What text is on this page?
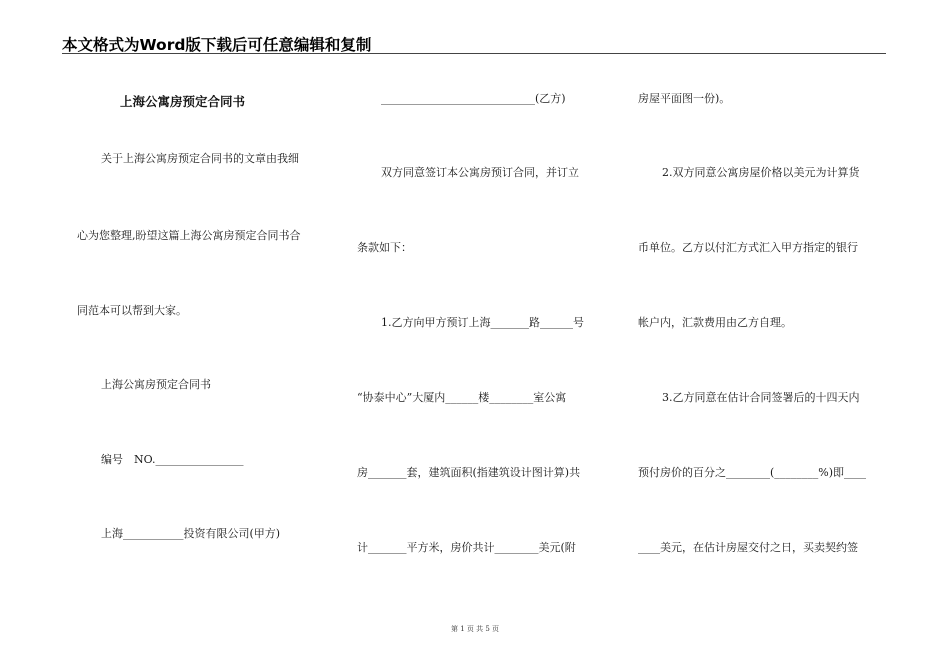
本文格式为Word版下载后可任意编辑和复制
上海公寓房预定合同书
关于上海公寓房预定合同书的文章由我细
心为您整理,盼望这篇上海公寓房预定合同书合
同范本可以帮到大家。
上海公寓房预定合同书
编号　NO.________________
上海___________投资有限公司(甲方)
____________________________(乙方)
双方同意签订本公寓房预订合同，并订立
条款如下：
1.乙方向甲方预订上海_______路______号
“协泰中心”大厦内______楼________室公寓
房_______套，建筑面积(指建筑设计图计算)共
计_______平方米，房价共计________美元(附
房屋平面图一份)。
2.双方同意公寓房屋价格以美元为计算货
币单位。乙方以付汇方式汇入甲方指定的银行
帐户内，汇款费用由乙方自理。
3.乙方同意在估计合同签署后的十四天内
预付房价的百分之________(________%)即____
____美元，在估计房屋交付之日，买卖契约签
第 1 页 共 5 页
